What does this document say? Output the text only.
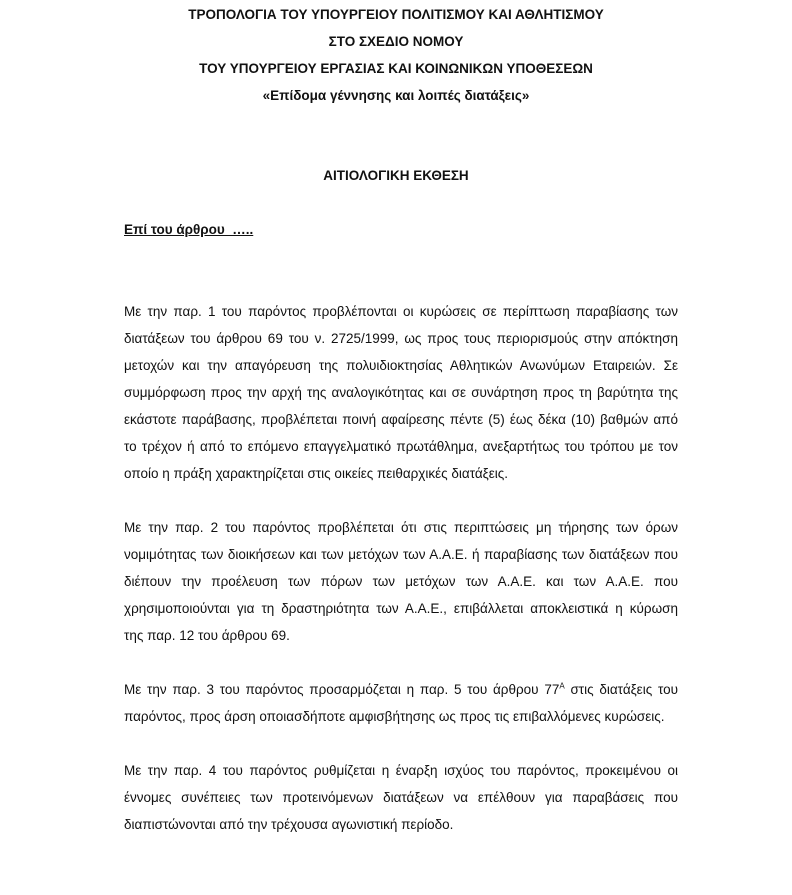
ΤΡΟΠΟΛΟΓΙΑ ΤΟΥ ΥΠΟΥΡΓΕΙΟΥ ΠΟΛΙΤΙΣΜΟΥ ΚΑΙ ΑΘΛΗΤΙΣΜΟΥ
ΣΤΟ ΣΧΕΔΙΟ ΝΟΜΟΥ
ΤΟΥ ΥΠΟΥΡΓΕΙΟΥ ΕΡΓΑΣΙΑΣ ΚΑΙ ΚΟΙΝΩΝΙΚΩΝ ΥΠΟΘΕΣΕΩΝ
«Επίδομα γέννησης και λοιπές διατάξεις»
ΑΙΤΙΟΛΟΓΙΚΗ ΕΚΘΕΣΗ
Επί του άρθρου  …..
Με την παρ. 1 του παρόντος προβλέπονται οι κυρώσεις σε περίπτωση παραβίασης των
διατάξεων του άρθρου 69 του ν. 2725/1999, ως προς τους περιορισμούς στην απόκτηση
μετοχών και την απαγόρευση της πολυιδιοκτησίας Αθλητικών Ανωνύμων Εταιρειών. Σε
συμμόρφωση προς την αρχή της αναλογικότητας και σε συνάρτηση προς τη βαρύτητα της
εκάστοτε παράβασης, προβλέπεται ποινή αφαίρεσης πέντε (5) έως δέκα (10) βαθμών από
το τρέχον ή από το επόμενο επαγγελματικό πρωτάθλημα, ανεξαρτήτως του τρόπου με τον
οποίο η πράξη χαρακτηρίζεται στις οικείες πειθαρχικές διατάξεις.
Με την παρ. 2 του παρόντος προβλέπεται ότι στις περιπτώσεις μη τήρησης των όρων
νομιμότητας των διοικήσεων και των μετόχων των Α.Α.Ε. ή παραβίασης των διατάξεων που
διέπουν την προέλευση των πόρων των μετόχων των Α.Α.Ε. και των Α.Α.Ε. που
χρησιμοποιούνται για τη δραστηριότητα των Α.Α.Ε., επιβάλλεται αποκλειστικά η κύρωση
της παρ. 12 του άρθρου 69.
Με την παρ. 3 του παρόντος προσαρμόζεται η παρ. 5 του άρθρου $77^A$ στις διατάξεις του
παρόντος, προς άρση οποιασδήποτε αμφισβήτησης ως προς τις επιβαλλόμενες κυρώσεις.
Με την παρ. 4 του παρόντος ρυθμίζεται η έναρξη ισχύος του παρόντος, προκειμένου οι
έννομες συνέπειες των προτεινόμενων διατάξεων να επέλθουν για παραβάσεις που
διαπιστώνονται από την τρέχουσα αγωνιστική περίοδο.
